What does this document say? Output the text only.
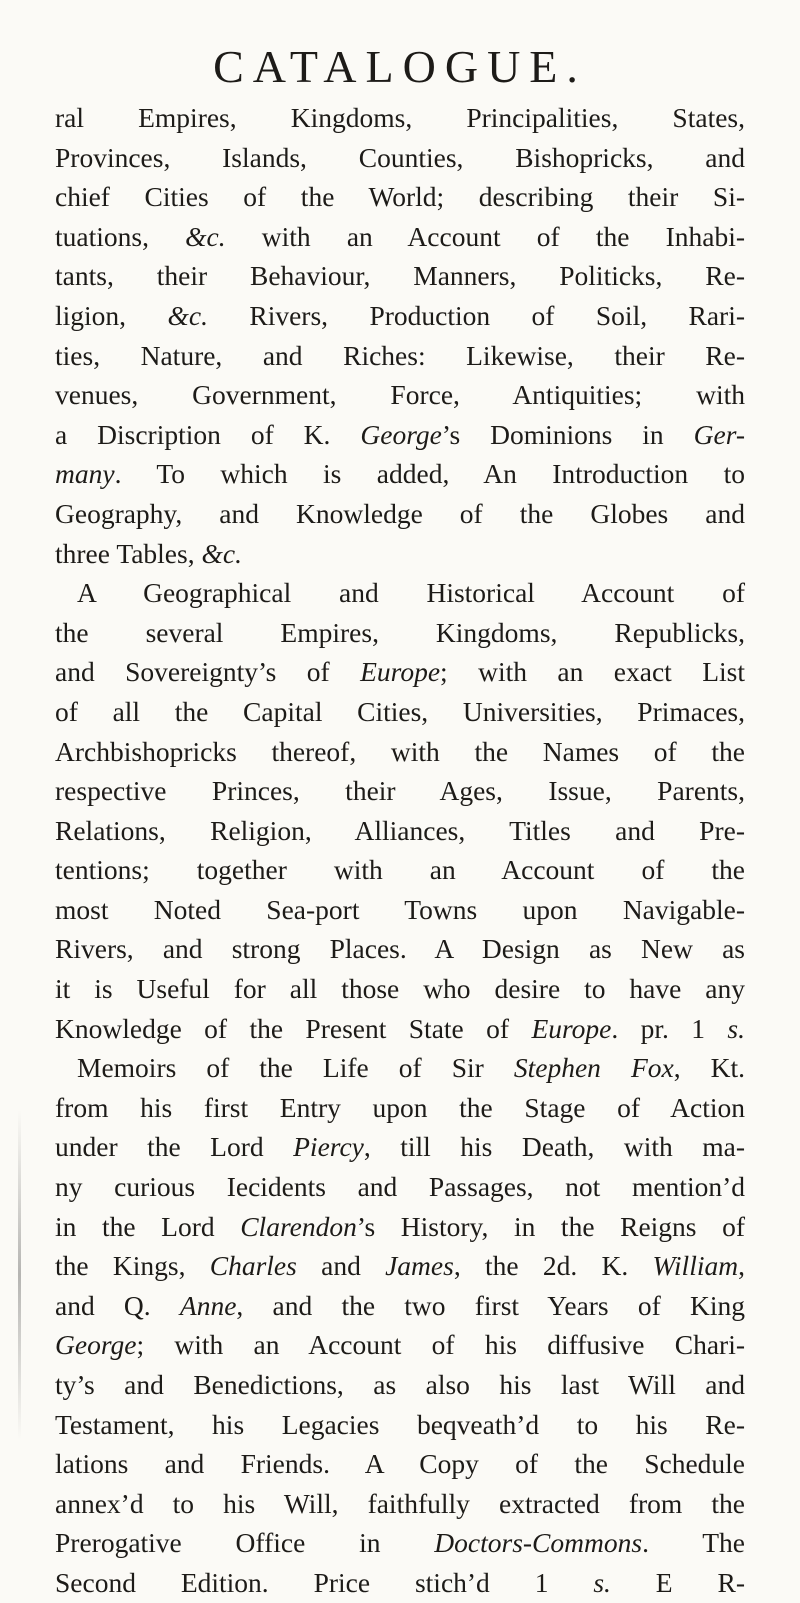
CATALOGUE.
ral Empires, Kingdoms, Principalities, States,
Provinces, Islands, Counties, Bishopricks, and
chief Cities of the World; describing their Si-
tuations, &c. with an Account of the Inhabi-
tants, their Behaviour, Manners, Politicks, Re-
ligion, &c. Rivers, Production of Soil, Rari-
ties, Nature, and Riches: Likewise, their Re-
venues, Government, Force, Antiquities; with
a Discription of K. George’s Dominions in Ger-
many. To which is added, An Introduction to
Geography, and Knowledge of the Globes and
three Tables, &c.
A Geographical and Historical Account of
the several Empires, Kingdoms, Republicks,
and Sovereignty’s of Europe; with an exact List
of all the Capital Cities, Universities, Primaces,
Archbishopricks thereof, with the Names of the
respective Princes, their Ages, Issue, Parents,
Relations, Religion, Alliances, Titles and Pre-
tentions; together with an Account of the
most Noted Sea-port Towns upon Navigable-
Rivers, and strong Places. A Design as New as
it is Useful for all those who desire to have any
Knowledge of the Present State of Europe. pr. 1 s.
Memoirs of the Life of Sir Stephen Fox, Kt.
from his first Entry upon the Stage of Action
under the Lord Piercy, till his Death, with ma-
ny curious Iecidents and Passages, not mention’d
in the Lord Clarendon’s History, in the Reigns of
the Kings, Charles and James, the 2d. K. William,
and Q. Anne, and the two first Years of King
George; with an Account of his diffusive Chari-
ty’s and Benedictions, as also his last Will and
Testament, his Legacies beqveath’d to his Re-
lations and Friends. A Copy of the Schedule
annex’d to his Will, faithfully extracted from the
Prerogative Office in Doctors-Commons. The
Second Edition. Price stich’d 1 s. E R-
